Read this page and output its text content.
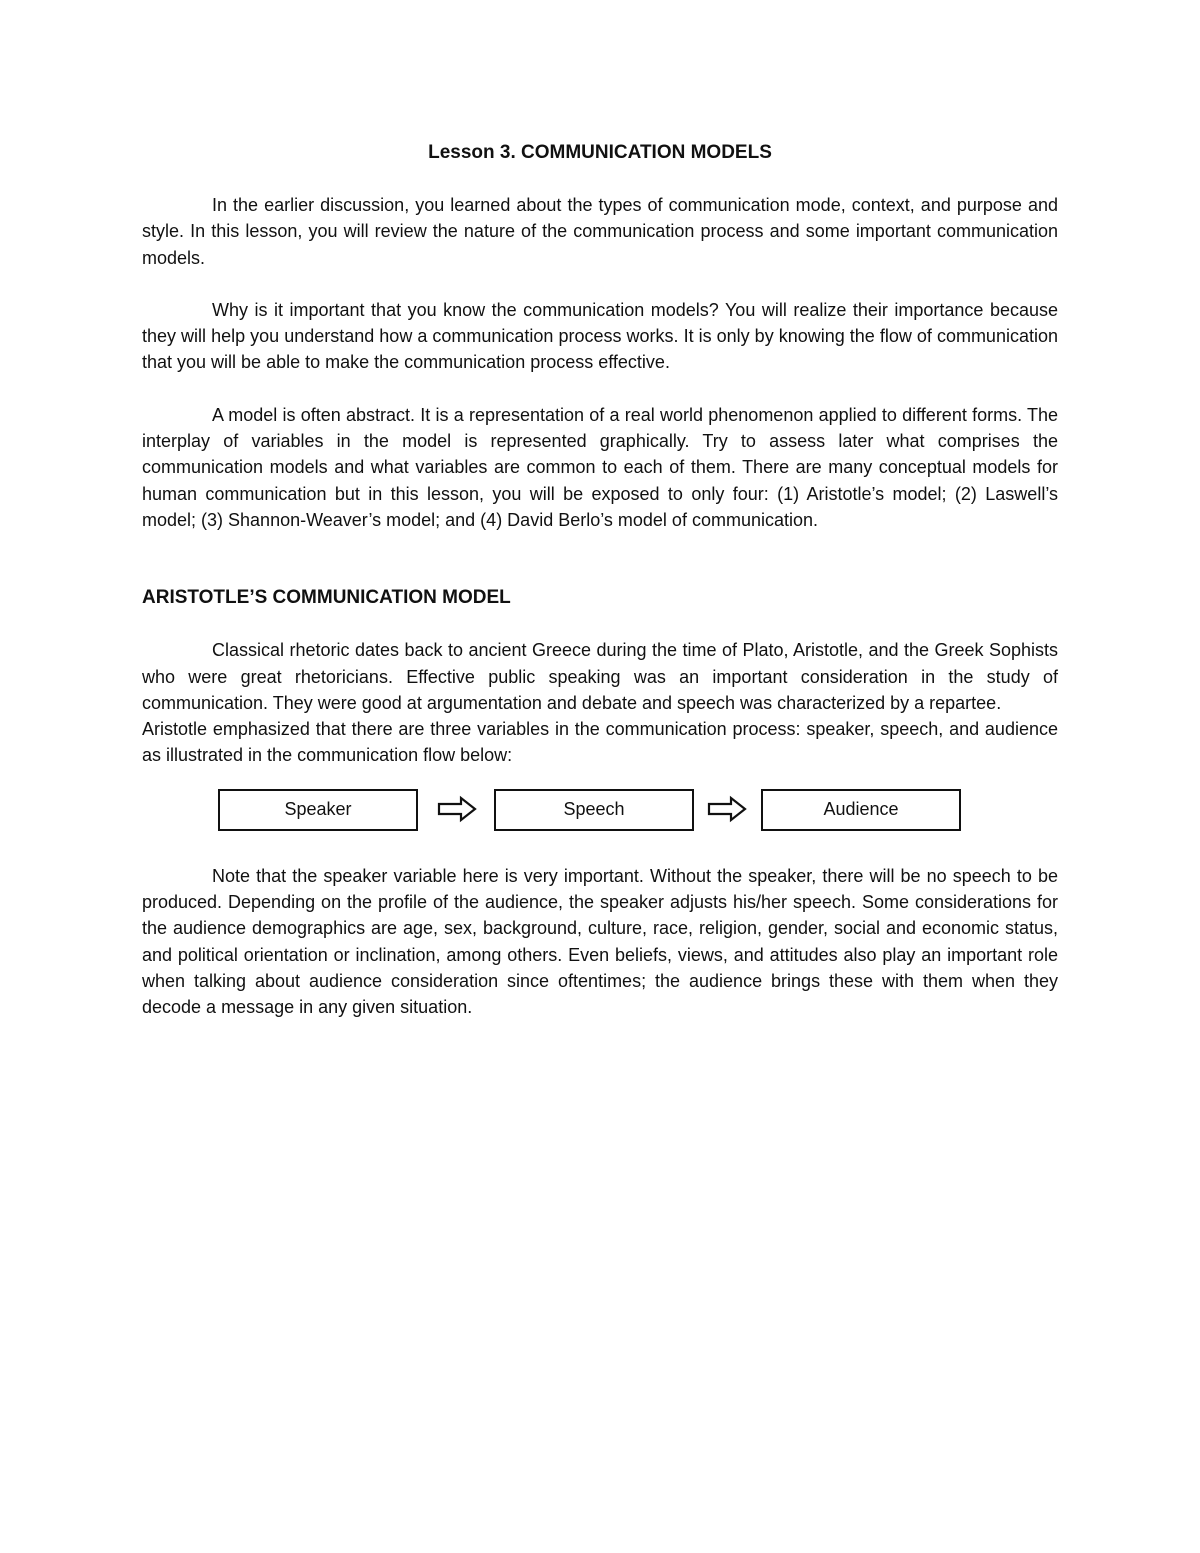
Lesson 3. COMMUNICATION MODELS

In the earlier discussion, you learned about the types of communication mode, context, and purpose and style. In this lesson, you will review the nature of the communication process and some important communication models.

Why is it important that you know the communication models? You will realize their importance because they will help you understand how a communication process works. It is only by knowing the flow of communication that you will be able to make the communication process effective.

A model is often abstract. It is a representation of a real world phenomenon applied to different forms. The interplay of variables in the model is represented graphically. Try to assess later what comprises the communication models and what variables are common to each of them. There are many conceptual models for human communication but in this lesson, you will be exposed to only four: (1) Aristotle’s model; (2) Laswell’s model; (3) Shannon-Weaver’s model; and (4) David Berlo’s model of communication.

ARISTOTLE’S COMMUNICATION MODEL

Classical rhetoric dates back to ancient Greece during the time of Plato, Aristotle, and the Greek Sophists who were great rhetoricians. Effective public speaking was an important consideration in the study of communication. They were good at argumentation and debate and speech was characterized by a repartee.

Aristotle emphasized that there are three variables in the communication process: speaker, speech, and audience as illustrated in the communication flow below:

Speaker	Speech	Audience

Note that the speaker variable here is very important. Without the speaker, there will be no speech to be produced. Depending on the profile of the audience, the speaker adjusts his/her speech. Some considerations for the audience demographics are age, sex, background, culture, race, religion, gender, social and economic status, and political orientation or inclination, among others. Even beliefs, views, and attitudes also play an important role when talking about audience consideration since oftentimes; the audience brings these with them when they decode a message in any given situation.
